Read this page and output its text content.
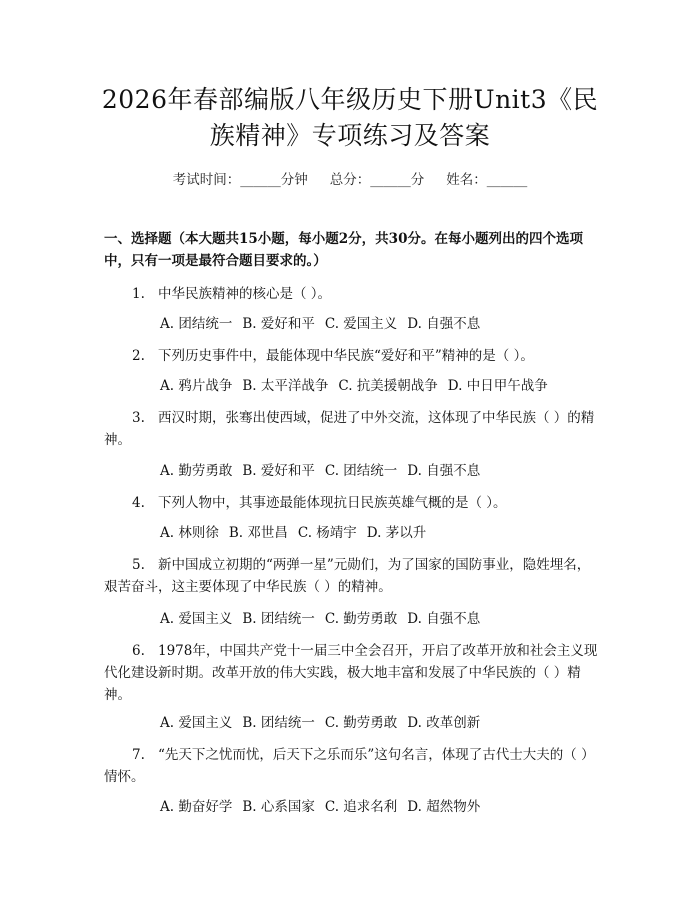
2026年春部编版八年级历史下册Unit3《民族精神》专项练习及答案
考试时间：______分钟 总分：______分 姓名：______
一、选择题（本大题共15小题，每小题2分，共30分。在每小题列出的四个选项中，只有一项是最符合题目要求的。）
1. 中华民族精神的核心是（ ）。
A. 团结统一 B. 爱好和平 C. 爱国主义 D. 自强不息
2. 下列历史事件中，最能体现中华民族“爱好和平”精神的是（ ）。
A. 鸦片战争 B. 太平洋战争 C. 抗美援朝战争 D. 中日甲午战争
3. 西汉时期，张骞出使西域，促进了中外交流，这体现了中华民族（ ）的精神。
A. 勤劳勇敢 B. 爱好和平 C. 团结统一 D. 自强不息
4. 下列人物中，其事迹最能体现抗日民族英雄气概的是（ ）。
A. 林则徐 B. 邓世昌 C. 杨靖宇 D. 茅以升
5. 新中国成立初期的“两弹一星”元勋们，为了国家的国防事业，隐姓埋名，艰苦奋斗，这主要体现了中华民族（ ）的精神。
A. 爱国主义 B. 团结统一 C. 勤劳勇敢 D. 自强不息
6. 1978年，中国共产党十一届三中全会召开，开启了改革开放和社会主义现代化建设新时期。改革开放的伟大实践，极大地丰富和发展了中华民族的（ ）精神。
A. 爱国主义 B. 团结统一 C. 勤劳勇敢 D. 改革创新
7. “先天下之忧而忧，后天下之乐而乐”这句名言，体现了古代士大夫的（ ）情怀。
A. 勤奋好学 B. 心系国家 C. 追求名利 D. 超然物外
